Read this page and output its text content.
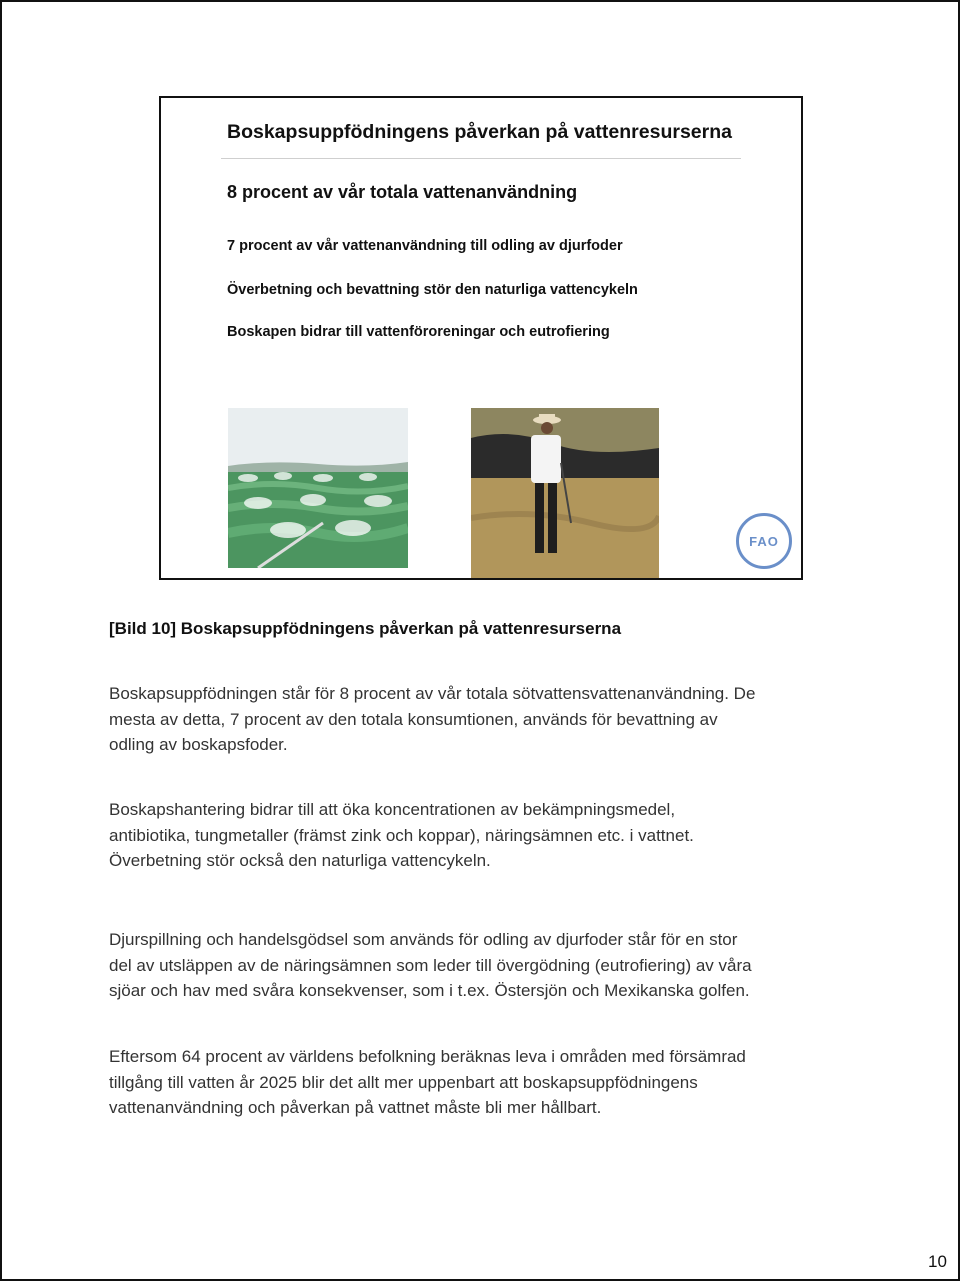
Boskapsuppfödningens påverkan på vattenresurserna
8 procent av vår totala vattenanvändning
7 procent av vår vattenanvändning till odling av djurfoder
Överbetning och bevattning stör den naturliga vattencykeln
Boskapen bidrar till vattenföroreningar och eutrofiering
FAO
[Bild 10] Boskapsuppfödningens påverkan på vattenresurserna
Boskapsuppfödningen står för 8 procent av vår totala sötvattensvattenanvändning. De
mesta av detta, 7 procent av den totala konsumtionen, används för bevattning av
odling av boskapsfoder.
Boskapshantering bidrar till att öka koncentrationen av bekämpningsmedel,
antibiotika, tungmetaller (främst zink och koppar), näringsämnen etc. i vattnet.
Överbetning stör också den naturliga vattencykeln.
Djurspillning och handelsgödsel som används för odling av djurfoder står för en stor
del av utsläppen av de näringsämnen som leder till övergödning (eutrofiering) av våra
sjöar och hav med svåra konsekvenser, som i t.ex. Östersjön och Mexikanska golfen.
Eftersom 64 procent av världens befolkning beräknas leva i områden med försämrad
tillgång till vatten år 2025 blir det allt mer uppenbart att boskapsuppfödningens
vattenanvändning och påverkan på vattnet måste bli mer hållbart.
10
